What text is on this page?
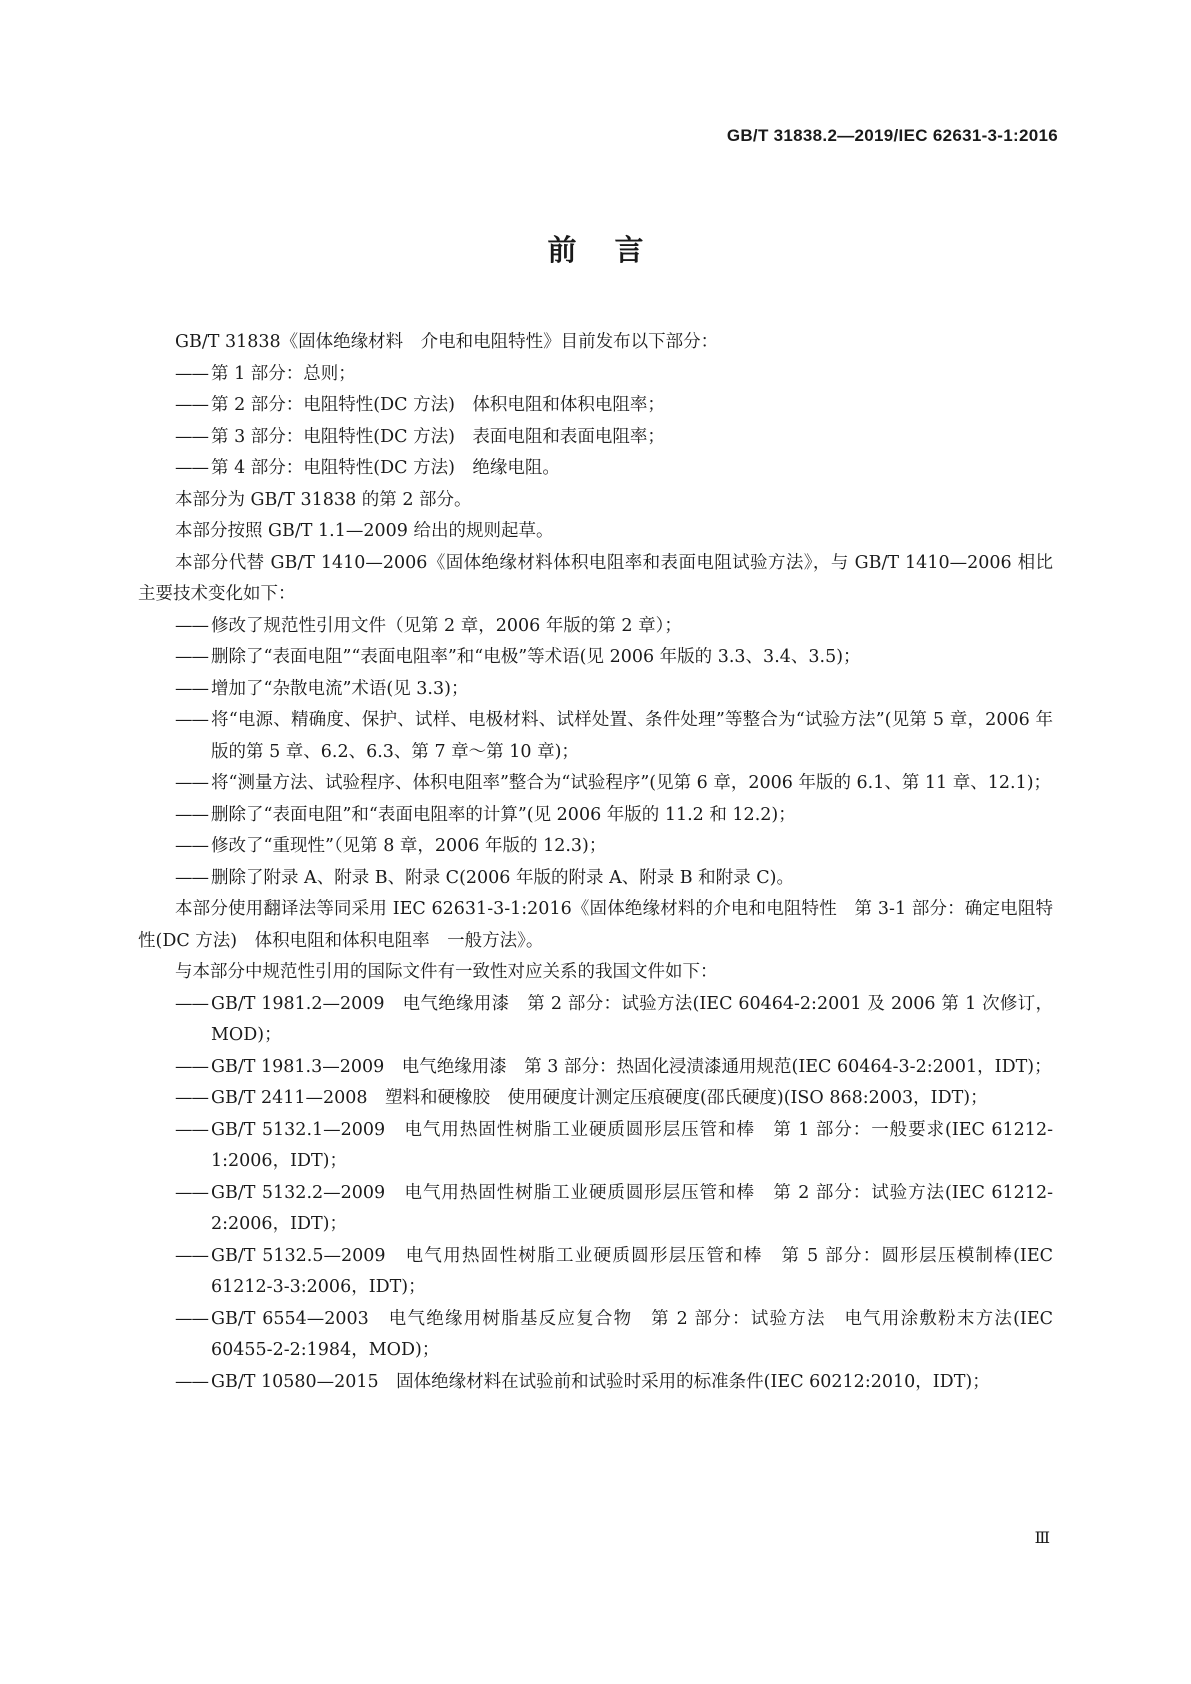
GB/T 31838.2—2019/IEC 62631-3-1:2016
前言

GB/T 31838《固体绝缘材料　介电和电阻特性》目前发布以下部分：

—— 第 1 部分：总则；

—— 第 2 部分：电阻特性(DC 方法)　体积电阻和体积电阻率；

—— 第 3 部分：电阻特性(DC 方法)　表面电阻和表面电阻率；

—— 第 4 部分：电阻特性(DC 方法)　绝缘电阻。

本部分为 GB/T 31838 的第 2 部分。

本部分按照 GB/T 1.1—2009 给出的规则起草。

本部分代替 GB/T 1410—2006《固体绝缘材料体积电阻率和表面电阻试验方法》，与 GB/T 1410—2006 相比主要技术变化如下：

—— 修改了规范性引用文件（见第 2 章，2006 年版的第 2 章）；

—— 删除了“表面电阻”“表面电阻率”和“电极”等术语(见 2006 年版的 3.3、3.4、3.5)；

—— 增加了“杂散电流”术语(见 3.3)；

—— 将“电源、精确度、保护、试样、电极材料、试样处置、条件处理”等整合为“试验方法”(见第 5 章，2006 年版的第 5 章、6.2、6.3、第 7 章～第 10 章)；

—— 将“测量方法、试验程序、体积电阻率”整合为“试验程序”(见第 6 章，2006 年版的 6.1、第 11 章、12.1)；

—— 删除了“表面电阻”和“表面电阻率的计算”(见 2006 年版的 11.2 和 12.2)；

—— 修改了“重现性”（见第 8 章，2006 年版的 12.3)；

—— 删除了附录 A、附录 B、附录 C(2006 年版的附录 A、附录 B 和附录 C)。

本部分使用翻译法等同采用 IEC 62631-3-1:2016《固体绝缘材料的介电和电阻特性　第 3-1 部分：确定电阻特性(DC 方法)　体积电阻和体积电阻率　一般方法》。

与本部分中规范性引用的国际文件有一致性对应关系的我国文件如下：

—— GB/T 1981.2—2009　电气绝缘用漆　第 2 部分：试验方法(IEC 60464-2:2001 及 2006 第 1 次修订，MOD)；

—— GB/T 1981.3—2009　电气绝缘用漆　第 3 部分：热固化浸渍漆通用规范(IEC 60464-3-2:2001，IDT)；

—— GB/T 2411—2008　塑料和硬橡胶　使用硬度计测定压痕硬度(邵氏硬度)(ISO 868:2003，IDT)；

—— GB/T 5132.1—2009　电气用热固性树脂工业硬质圆形层压管和棒　第 1 部分：一般要求(IEC 61212-1:2006，IDT)；

—— GB/T 5132.2—2009　电气用热固性树脂工业硬质圆形层压管和棒　第 2 部分：试验方法(IEC 61212-2:2006，IDT)；

—— GB/T 5132.5—2009　电气用热固性树脂工业硬质圆形层压管和棒　第 5 部分：圆形层压模制棒(IEC 61212-3-3:2006，IDT)；

—— GB/T 6554—2003　电气绝缘用树脂基反应复合物　第 2 部分：试验方法　电气用涂敷粉末方法(IEC 60455-2-2:1984，MOD)；

—— GB/T 10580—2015　固体绝缘材料在试验前和试验时采用的标准条件(IEC 60212:2010，IDT)；

Ⅲ
